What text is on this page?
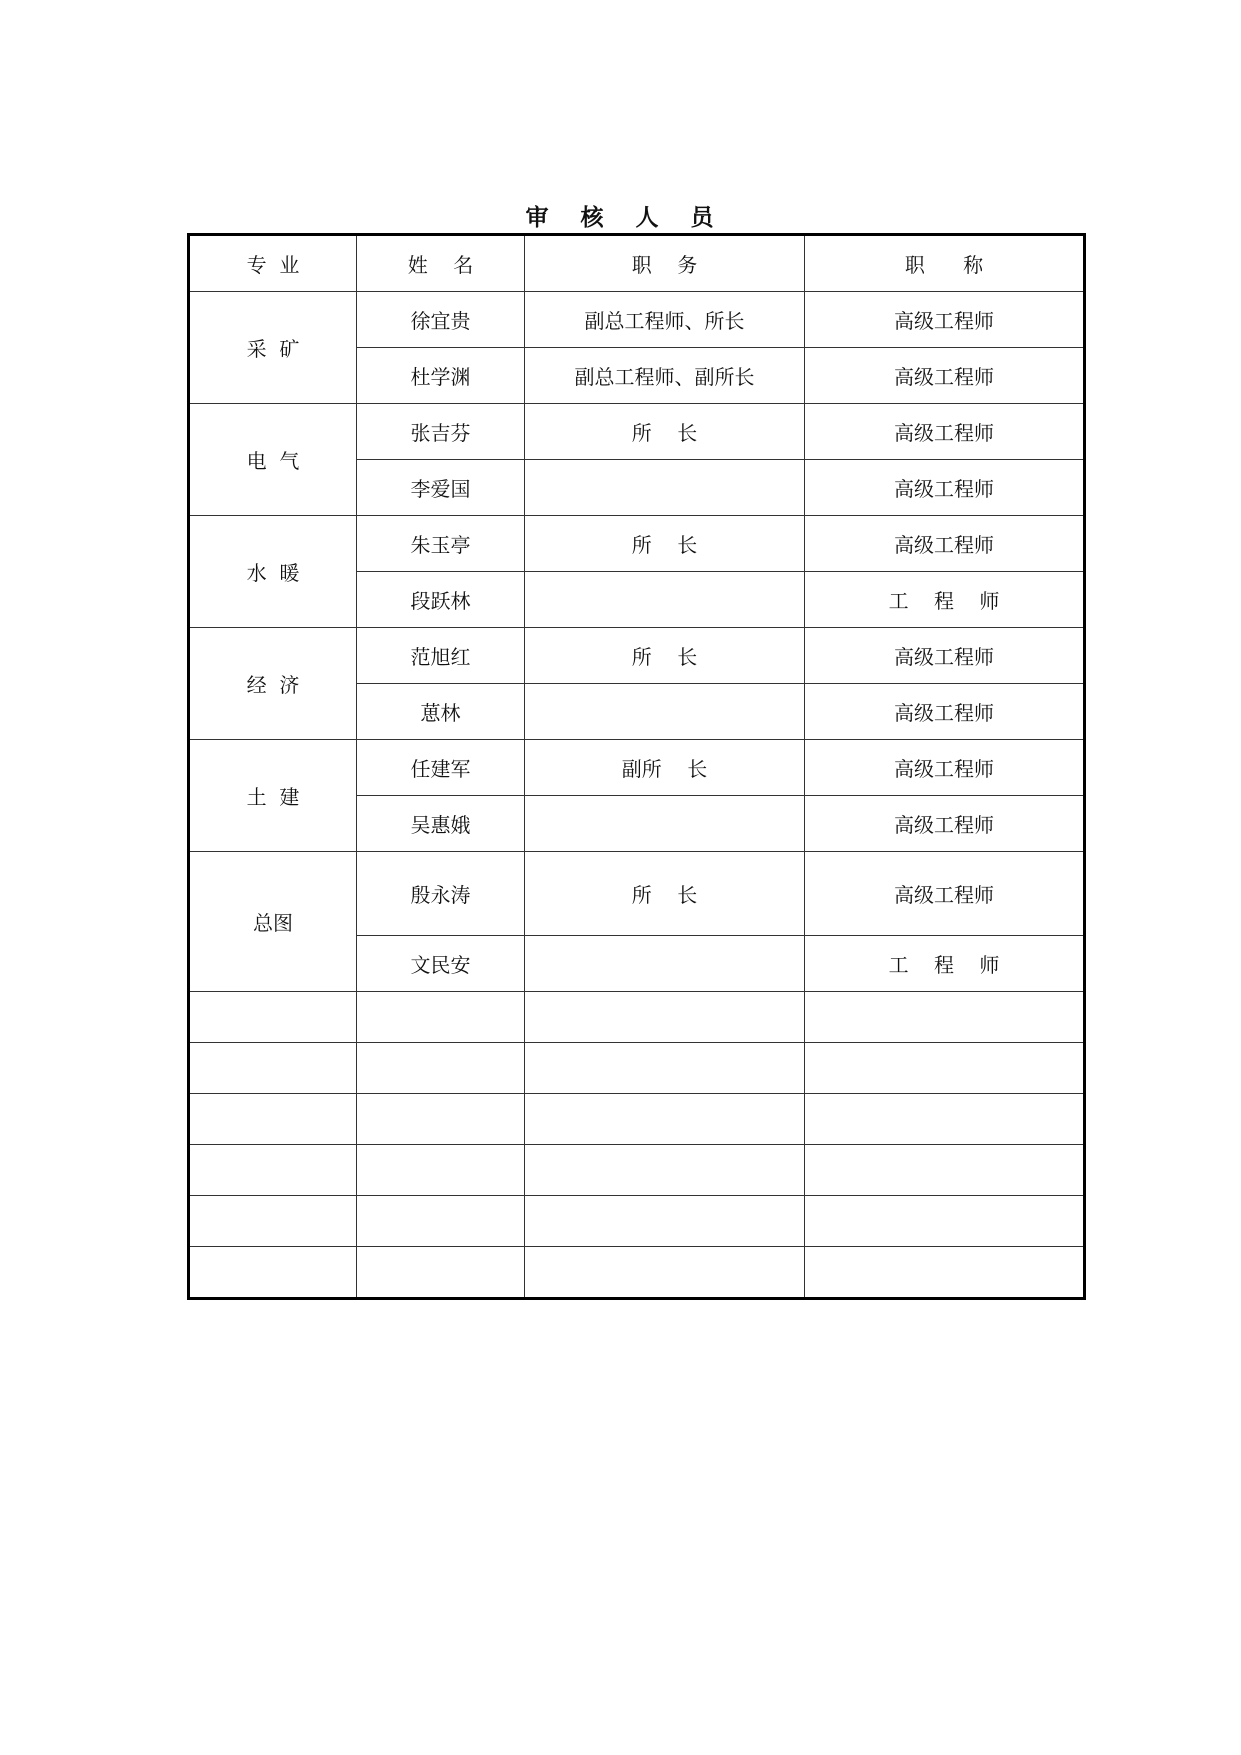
审   核   人   员
专  业	姓    名	职    务	职      称
采  矿	徐宜贵	副总工程师、所长	高级工程师
	杜学渊	副总工程师、副所长	高级工程师
电  气	张吉芬	所    长	高级工程师
	李爱国		高级工程师
水  暖	朱玉亭	所    长	高级工程师
	段跃林		工    程    师
经  济	范旭红	所    长	高级工程师
	葸林		高级工程师
土  建	任建军	副所    长	高级工程师
	吴惠娥		高级工程师
总图	殷永涛	所    长	高级工程师
	文民安		工    程    师
